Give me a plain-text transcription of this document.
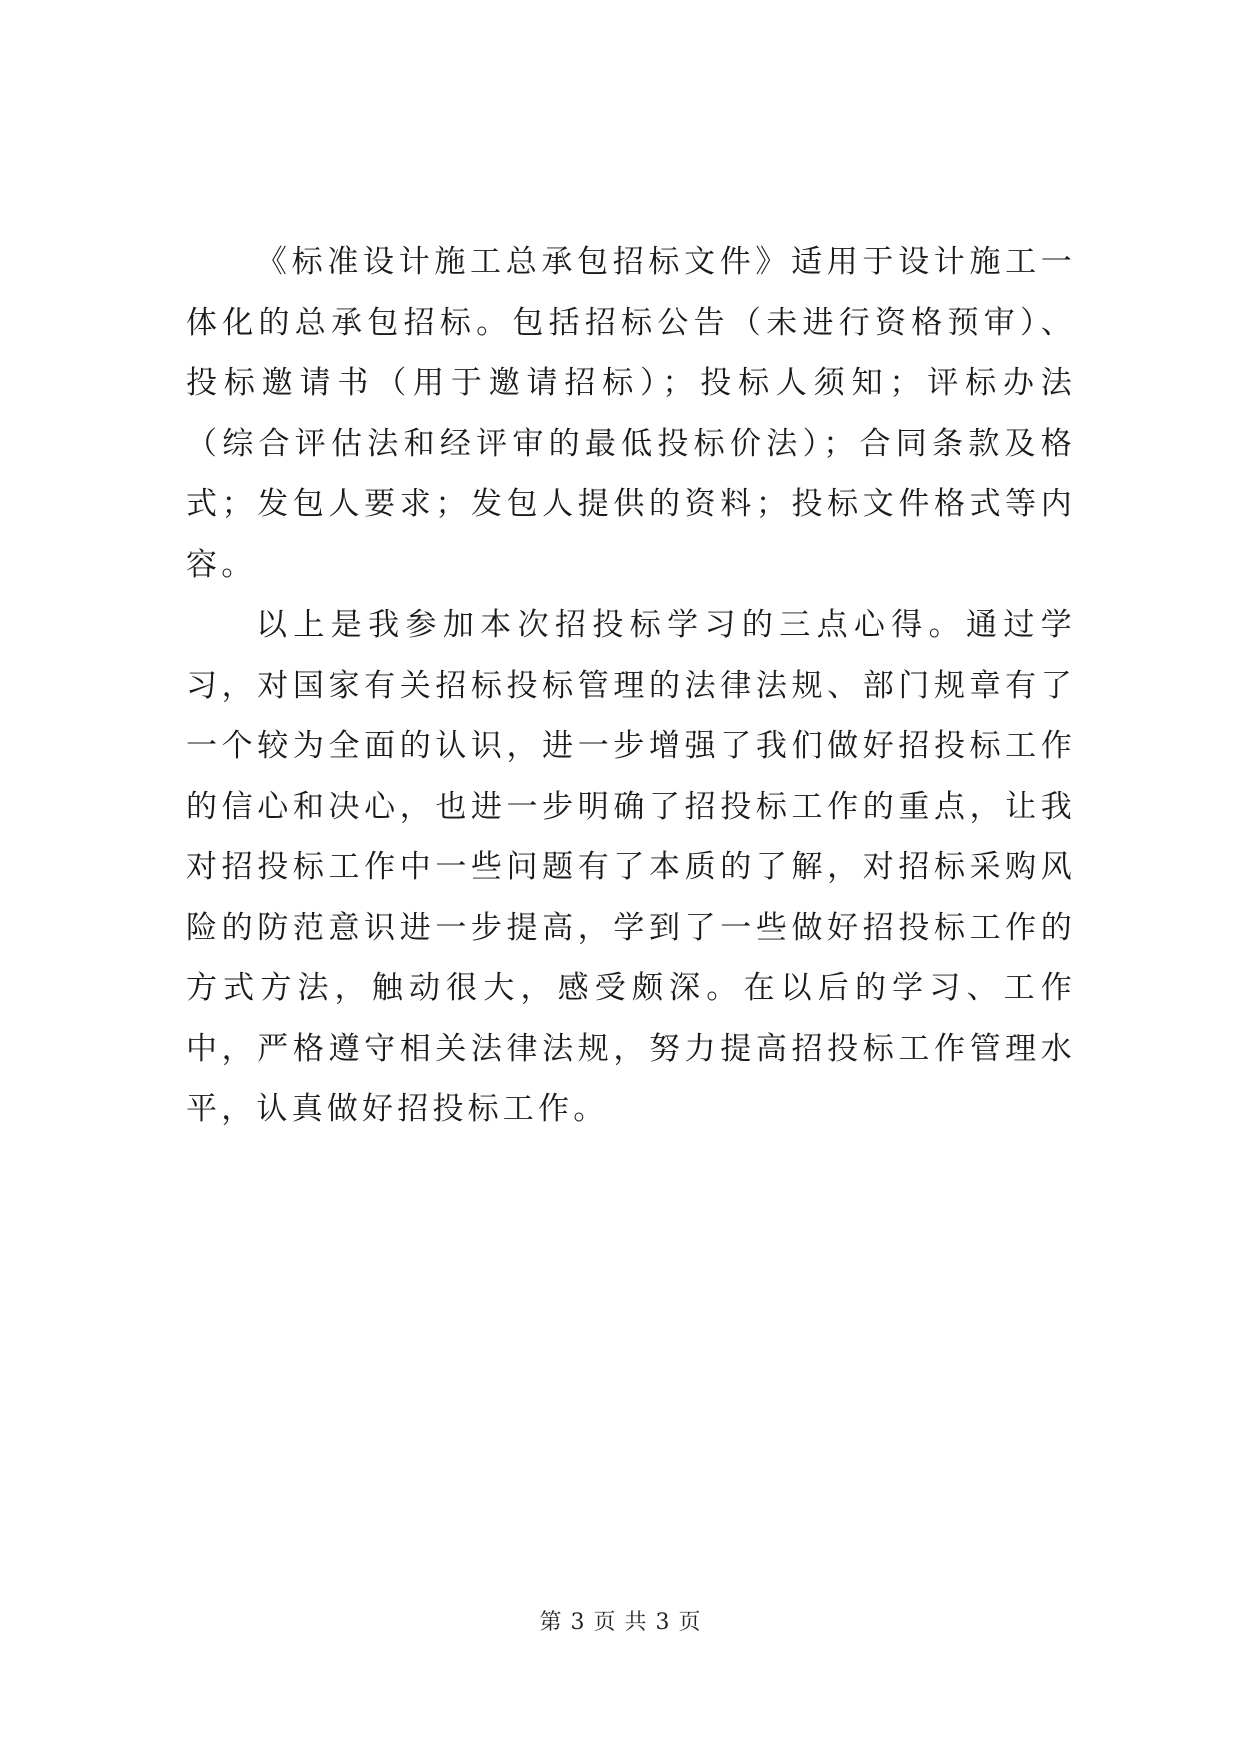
《标准设计施工总承包招标文件》适用于设计施工一体化的总承包招标。包括招标公告（未进行资格预审）、投标邀请书（用于邀请招标）；投标人须知；评标办法（综合评估法和经评审的最低投标价法）；合同条款及格式；发包人要求；发包人提供的资料；投标文件格式等内容。

以上是我参加本次招投标学习的三点心得。通过学习，对国家有关招标投标管理的法律法规、部门规章有了一个较为全面的认识，进一步增强了我们做好招投标工作的信心和决心，也进一步明确了招投标工作的重点，让我对招投标工作中一些问题有了本质的了解，对招标采购风险的防范意识进一步提高，学到了一些做好招投标工作的方式方法，触动很大，感受颇深。在以后的学习、工作中，严格遵守相关法律法规，努力提高招投标工作管理水平，认真做好招投标工作。

第 3 页 共 3 页
